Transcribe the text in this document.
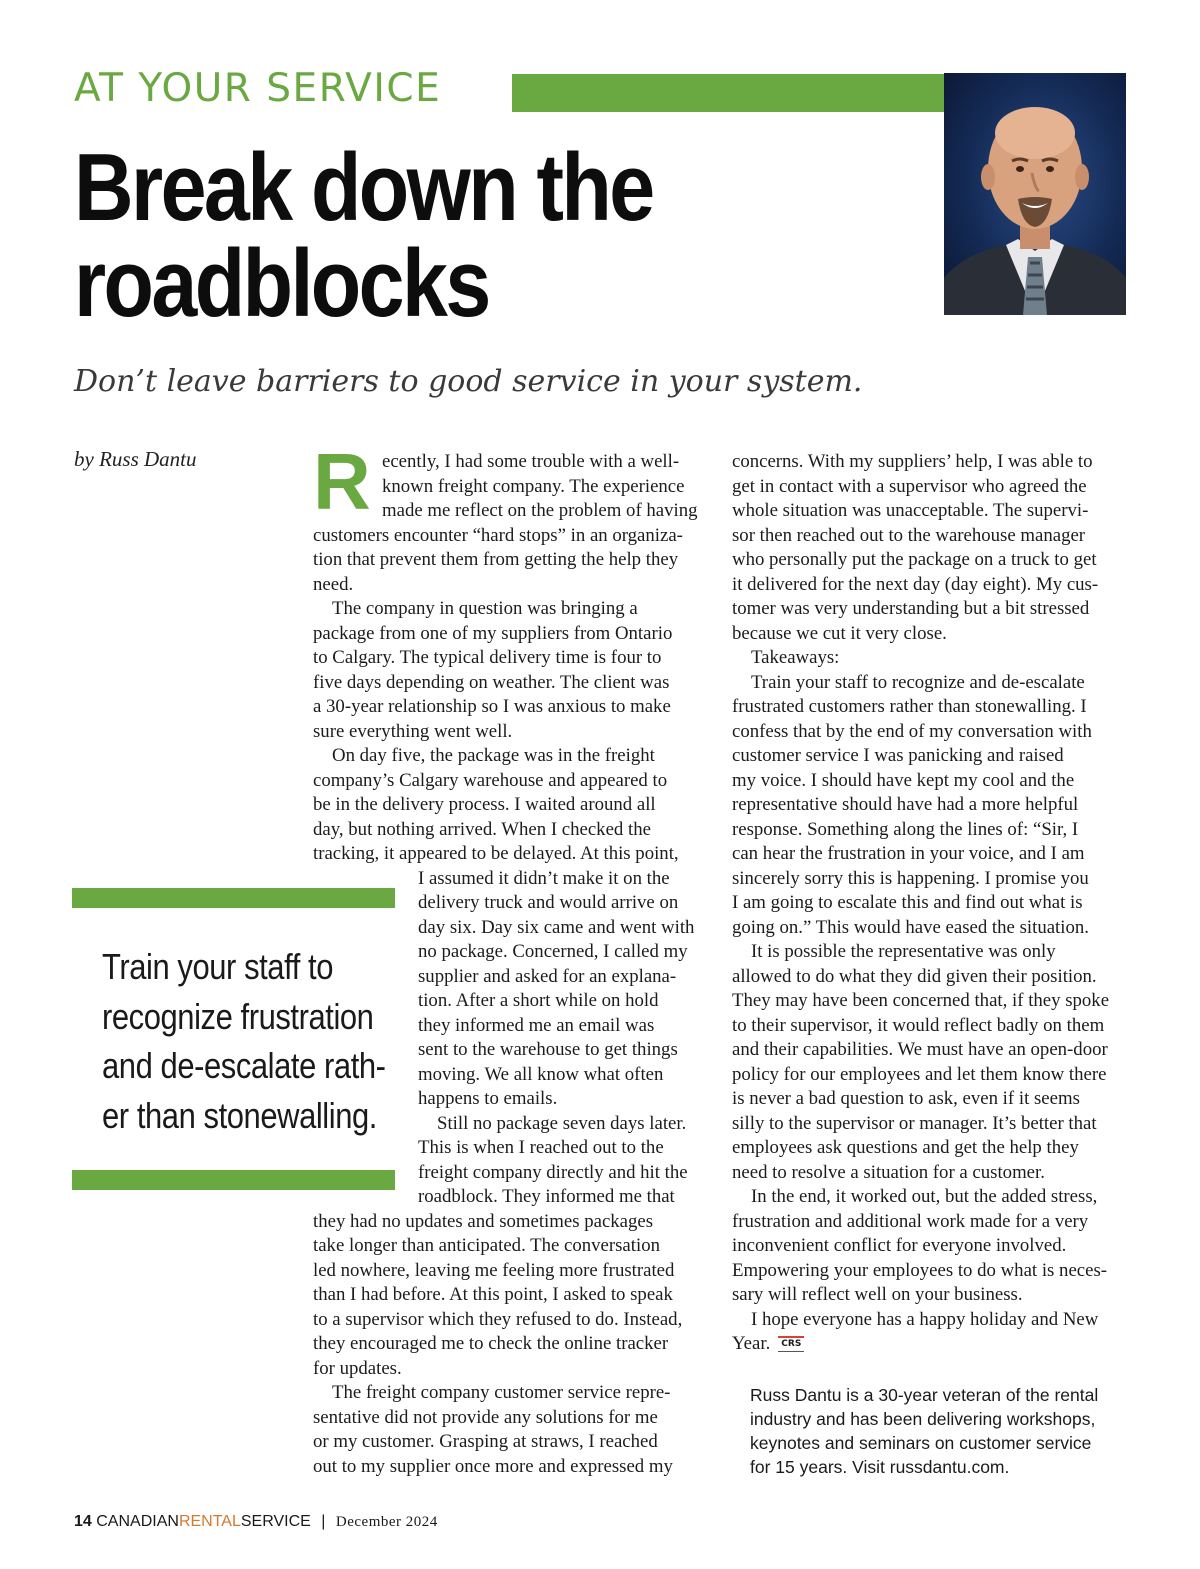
AT YOUR SERVICE
Break down the
roadblocks
Don’t leave barriers to good service in your system.
by Russ Dantu R ecently, I had some trouble with a well-
known freight company. The experience
made me reflect on the problem of having
customers encounter “hard stops” in an organiza-
tion that prevent them from getting the help they
need.
The company in question was bringing a
package from one of my suppliers from Ontario
to Calgary. The typical delivery time is four to
five days depending on weather. The client was
a 30-year relationship so I was anxious to make
sure everything went well.
On day five, the package was in the freight
company’s Calgary warehouse and appeared to
be in the delivery process. I waited around all
day, but nothing arrived. When I checked the
tracking, it appeared to be delayed. At this point,
I assumed it didn’t make it on the
delivery truck and would arrive on
day six. Day six came and went with
no package. Concerned, I called my
supplier and asked for an explana-
tion. After a short while on hold
they informed me an email was
sent to the warehouse to get things
moving. We all know what often
happens to emails.
Still no package seven days later.
This is when I reached out to the
freight company directly and hit the
roadblock. They informed me that
they had no updates and sometimes packages
take longer than anticipated. The conversation
led nowhere, leaving me feeling more frustrated
than I had before. At this point, I asked to speak
to a supervisor which they refused to do. Instead,
they encouraged me to check the online tracker
for updates.
The freight company customer service repre-
sentative did not provide any solutions for me
or my customer. Grasping at straws, I reached
out to my supplier once more and expressed my
concerns. With my suppliers’ help, I was able to
get in contact with a supervisor who agreed the
whole situation was unacceptable. The supervi-
sor then reached out to the warehouse manager
who personally put the package on a truck to get
it delivered for the next day (day eight). My cus-
tomer was very understanding but a bit stressed
because we cut it very close.
Takeaways:
Train your staff to recognize and de-escalate
frustrated customers rather than stonewalling. I
confess that by the end of my conversation with
customer service I was panicking and raised
my voice. I should have kept my cool and the
representative should have had a more helpful
response. Something along the lines of: “Sir, I
can hear the frustration in your voice, and I am
sincerely sorry this is happening. I promise you
I am going to escalate this and find out what is
going on.” This would have eased the situation.
It is possible the representative was only
allowed to do what they did given their position.
They may have been concerned that, if they spoke
to their supervisor, it would reflect badly on them
and their capabilities. We must have an open-door
policy for our employees and let them know there
is never a bad question to ask, even if it seems
silly to the supervisor or manager. It’s better that
employees ask questions and get the help they
need to resolve a situation for a customer.
In the end, it worked out, but the added stress,
frustration and additional work made for a very
inconvenient conflict for everyone involved.
Empowering your employees to do what is neces-
sary will reflect well on your business.
I hope everyone has a happy holiday and New
Year. CRS
Train your staff to
recognize frustration
and de-escalate rath-
er than stonewalling.
Russ Dantu is a 30-year veteran of the rental
industry and has been delivering workshops,
keynotes and seminars on customer service
for 15 years. Visit russdantu.com.
14 CANADIANRENTALSERVICE | December 2024
